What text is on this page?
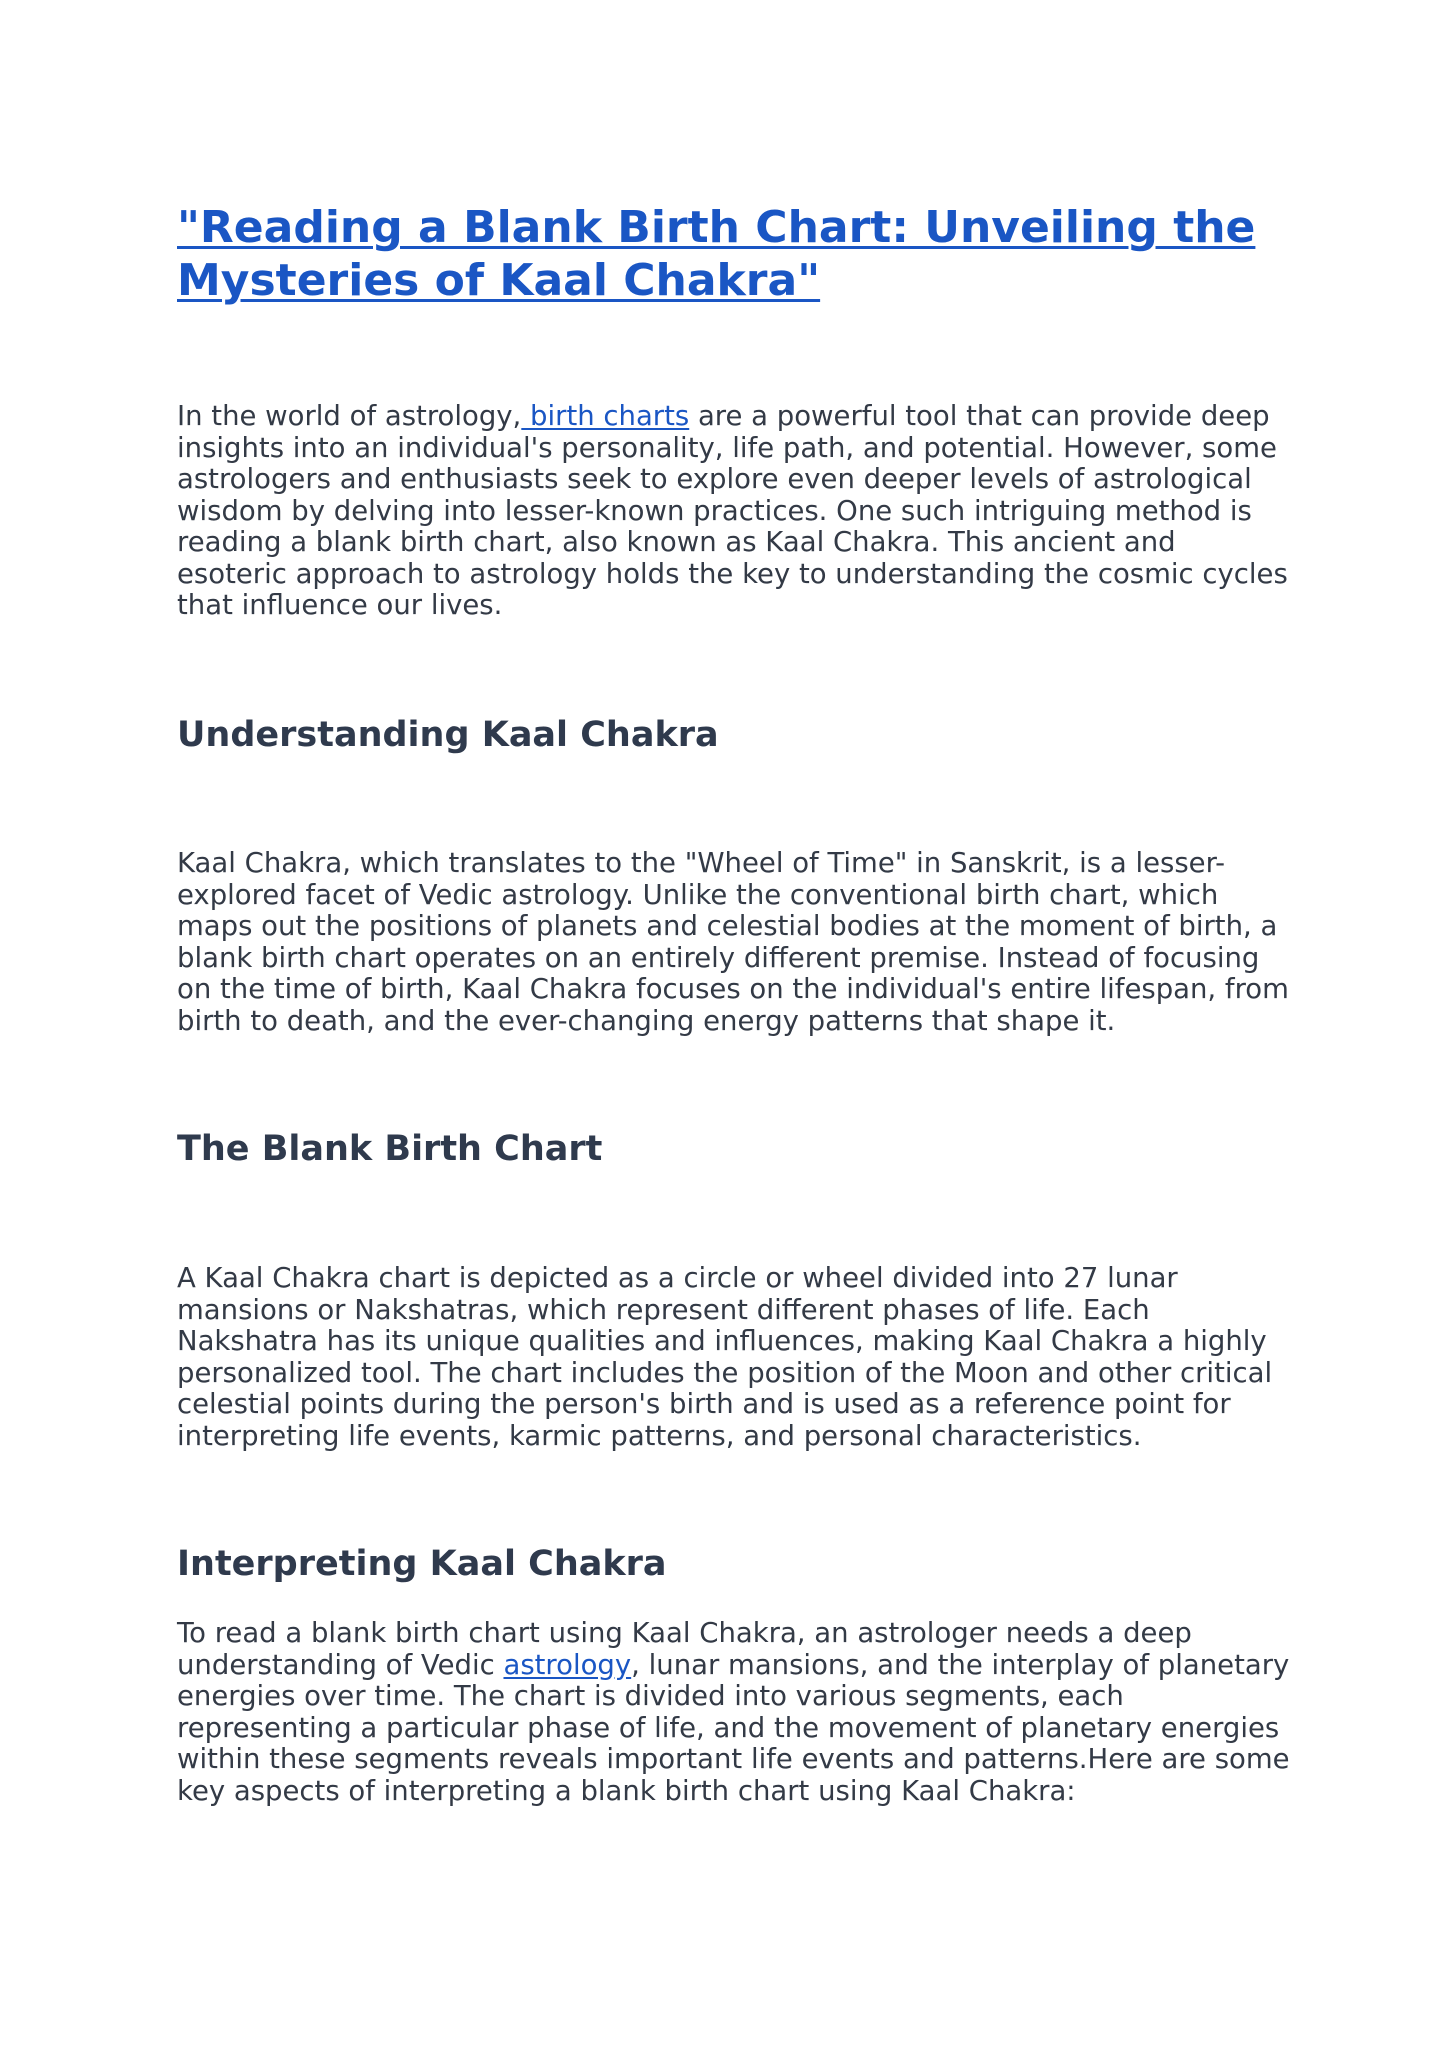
"Reading a Blank Birth Chart: Unveiling the Mysteries of Kaal Chakra"

In the world of astrology, birth charts are a powerful tool that can provide deep insights into an individual's personality, life path, and potential. However, some astrologers and enthusiasts seek to explore even deeper levels of astrological wisdom by delving into lesser-known practices. One such intriguing method is reading a blank birth chart, also known as Kaal Chakra. This ancient and esoteric approach to astrology holds the key to understanding the cosmic cycles that influence our lives.

Understanding Kaal Chakra

Kaal Chakra, which translates to the "Wheel of Time" in Sanskrit, is a lesser-explored facet of Vedic astrology. Unlike the conventional birth chart, which maps out the positions of planets and celestial bodies at the moment of birth, a blank birth chart operates on an entirely different premise. Instead of focusing on the time of birth, Kaal Chakra focuses on the individual's entire lifespan, from birth to death, and the ever-changing energy patterns that shape it.

The Blank Birth Chart

A Kaal Chakra chart is depicted as a circle or wheel divided into 27 lunar mansions or Nakshatras, which represent different phases of life. Each Nakshatra has its unique qualities and influences, making Kaal Chakra a highly personalized tool. The chart includes the position of the Moon and other critical celestial points during the person's birth and is used as a reference point for interpreting life events, karmic patterns, and personal characteristics.

Interpreting Kaal Chakra

To read a blank birth chart using Kaal Chakra, an astrologer needs a deep understanding of Vedic astrology, lunar mansions, and the interplay of planetary energies over time. The chart is divided into various segments, each representing a particular phase of life, and the movement of planetary energies within these segments reveals important life events and patterns.Here are some key aspects of interpreting a blank birth chart using Kaal Chakra:
